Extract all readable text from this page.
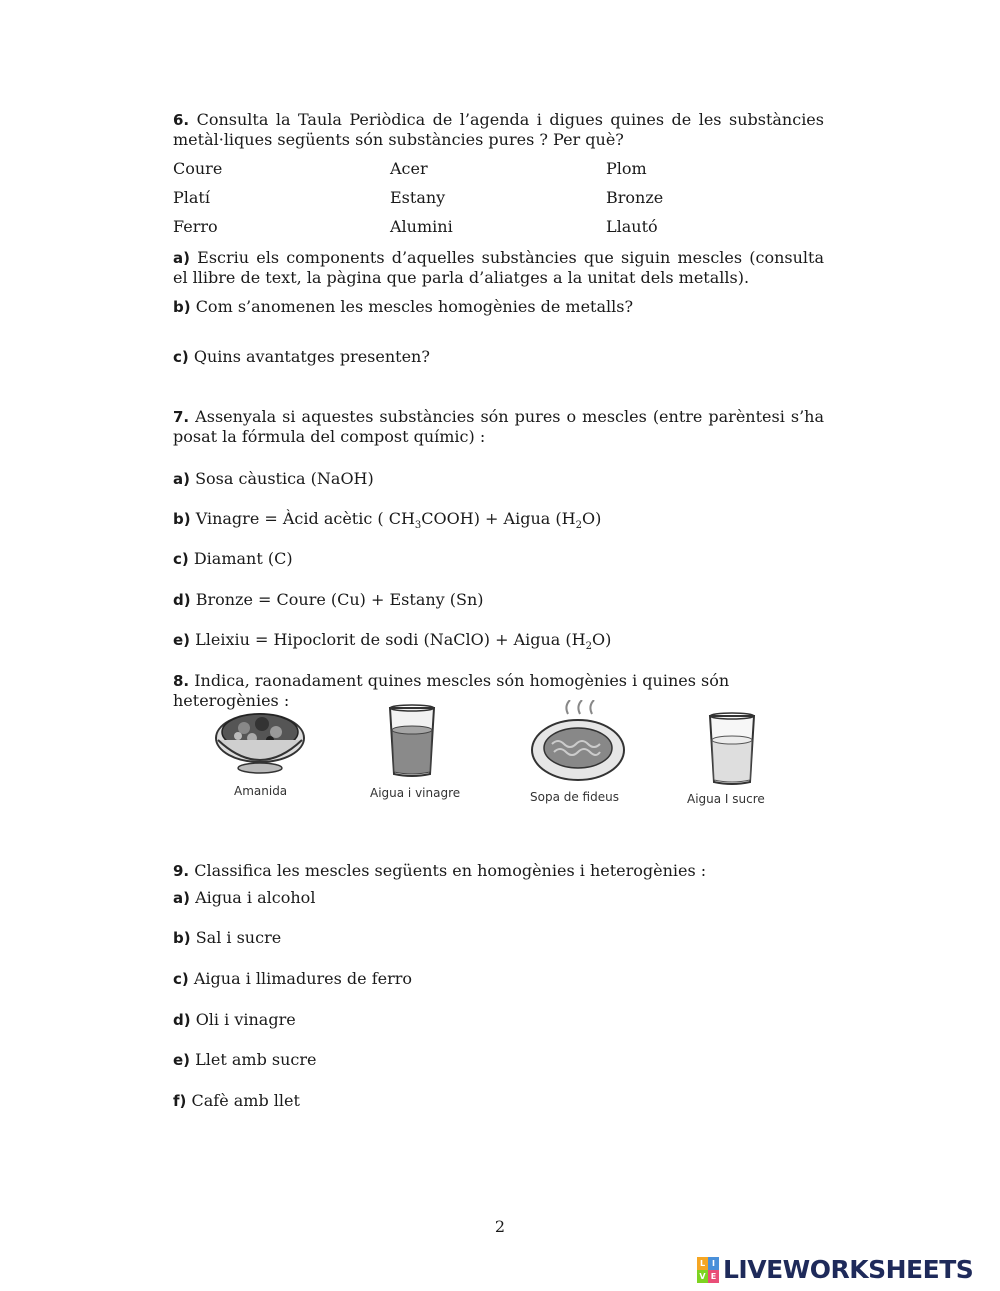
6. Consulta la Taula Periòdica de l’agenda i digues quines de les substàncies metàl·liques següents són substàncies pures ? Per què?
Coure	Acer	Plom
Platí	Estany	Bronze
Ferro	Alumini	Llautó
a) Escriu els components d’aquelles substàncies que siguin mescles (consulta el llibre de text, la pàgina que parla d’aliatges a la unitat dels metalls).
b) Com s’anomenen les mescles homogènies de metalls?
c) Quins avantatges presenten?
7. Assenyala si aquestes substàncies són pures o mescles (entre parèntesi s’ha posat la fórmula del compost químic) :
a) Sosa càustica (NaOH)
b) Vinagre = Àcid acètic ( $CH_3COOH$) + Aigua $(H_2O)$
c) Diamant (C)
d) Bronze = Coure (Cu) + Estany (Sn)
e) Lleixiu = Hipoclorit de sodi (NaClO) + Aigua $(H_2O)$
8. Indica, raonadament quines mescles són homogènies i quines són heterogènies :
Amanida	Aigua i vinagre	Sopa de fideus	Aigua I sucre
9. Classifica les mescles següents en homogènies i heterogènies :
a) Aigua i alcohol
b) Sal i sucre
c) Aigua i llimadures de ferro
d) Oli i vinagre
e) Llet amb sucre
f) Cafè amb llet
2
L I
V E LIVEWORKSHEETS
